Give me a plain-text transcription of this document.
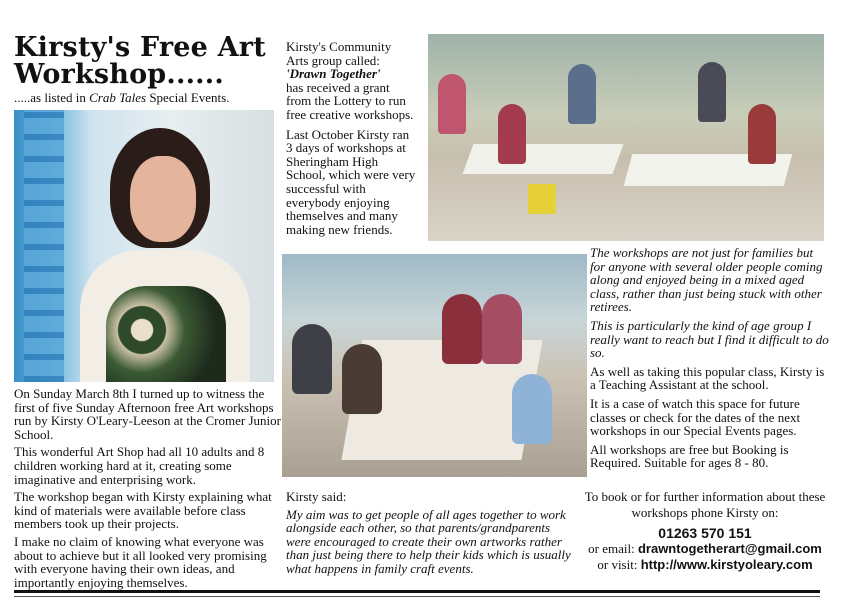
Kirsty's Free Art Workshop......
.....as listed in Crab Tales Special Events.

On Sunday March 8th I turned up to witness the first of five Sunday Afternoon free Art workshops run by Kirsty O'Leary-Leeson at the Cromer Junior School.

This wonderful Art Shop had all 10 adults and 8 children working hard at it, creating some imaginative and enterprising work.

The workshop began with Kirsty explaining what kind of materials were available before class members took up their projects.

I make no claim of knowing what everyone was about to achieve but it all looked very promising with everyone having their own ideas, and importantly enjoying themselves.

Kirsty's Community Arts group called:
'Drawn Together'
has received a grant from the Lottery to run free creative workshops.

Last October Kirsty ran 3 days of workshops at Sheringham High School, which were very successful with everybody enjoying themselves and many making new friends.

The workshops are not just for families but for anyone with several older people coming along and enjoyed being in a mixed aged class, rather than just being stuck with other retirees.

This is particularly the kind of age group I really want to reach but I find it difficult to do so.

As well as taking this popular class, Kirsty is a Teaching Assistant at the school.

It is a case of watch this space for future classes or check for the dates of the next workshops in our Special Events pages.

All workshops are free but Booking is Required. Suitable for ages 8 - 80.

Kirsty said:

My aim was to get people of all ages together to work alongside each other, so that parents/grandparents were encouraged to create their own artworks rather than just being there to help their kids which is usually what happens in family craft events.

To book or for further information about these workshops phone Kirsty on:
01263 570 151
or email: drawntogetherart@gmail.com
or visit: http://www.kirstyoleary.com
